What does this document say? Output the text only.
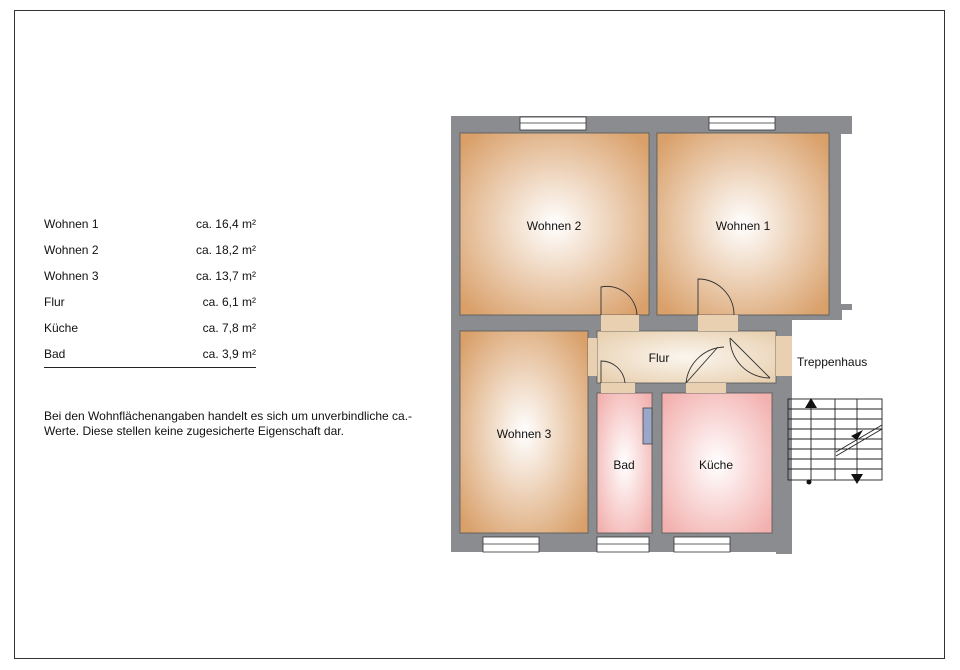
Wohnen 1	ca. 16,4 m²
Wohnen 2	ca. 18,2 m²
Wohnen 3	ca. 13,7 m²
Flur	ca. 6,1 m²
Küche	ca. 7,8 m²
Bad	ca. 3,9 m²
Bei den Wohnflächenangaben handelt es sich um unverbindliche ca.-Werte. Diese stellen keine zugesicherte Eigenschaft dar.
Wohnen 2	Wohnen 1
Wohnen 3
Flur
Bad	Küche
Treppenhaus
